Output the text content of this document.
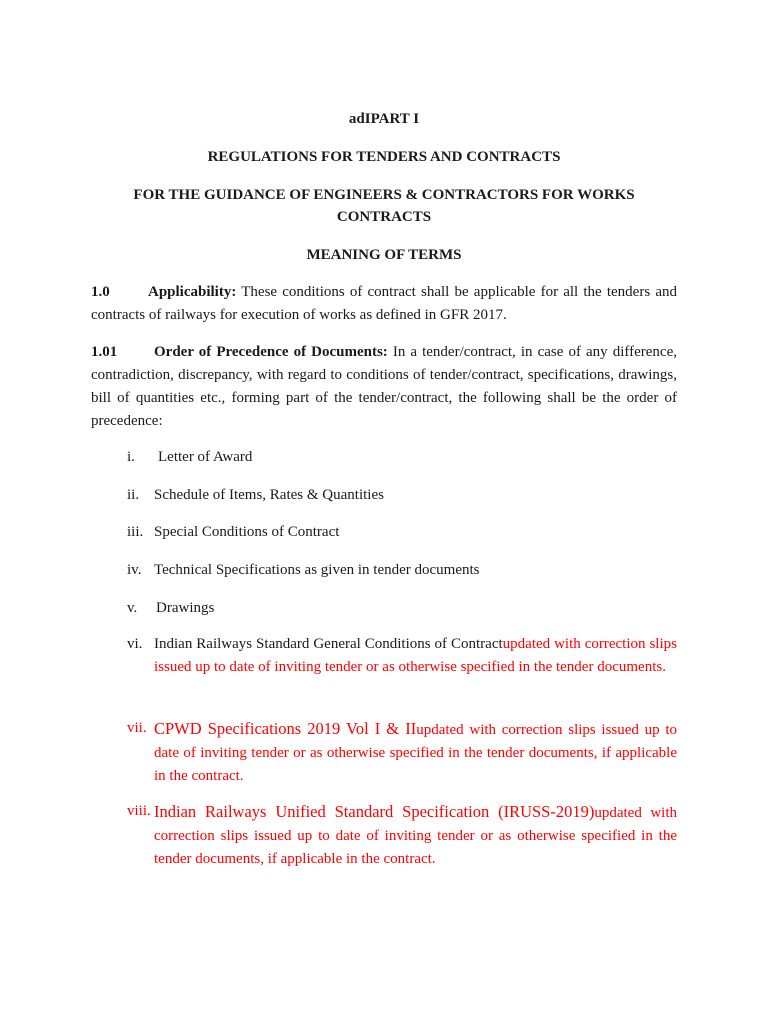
adIPART I
REGULATIONS FOR TENDERS AND CONTRACTS
FOR THE GUIDANCE OF ENGINEERS & CONTRACTORS FOR WORKS
CONTRACTS
MEANING OF TERMS
1.0	Applicability: These conditions of contract shall be applicable for all the tenders and contracts of railways for execution of works as defined in GFR 2017.
1.01 Order of Precedence of Documents: In a tender/contract, in case of any difference, contradiction, discrepancy, with regard to conditions of tender/contract, specifications, drawings, bill of quantities etc., forming part of the tender/contract, the following shall be the order of precedence:
i.	Letter of Award
ii. Schedule of Items, Rates & Quantities
iii. Special Conditions of Contract
iv. Technical Specifications as given in tender documents
v.	Drawings
vi. Indian Railways Standard General Conditions of Contractupdated with correction slips issued up to date of inviting tender or as otherwise specified in the tender documents.
vii. CPWD Specifications 2019 Vol I & IIupdated with correction slips issued up to date of inviting tender or as otherwise specified in the tender documents, if applicable in the contract.
viii. Indian Railways Unified Standard Specification (IRUSS-2019)updated with correction slips issued up to date of inviting tender or as otherwise specified in the tender documents, if applicable in the contract.
